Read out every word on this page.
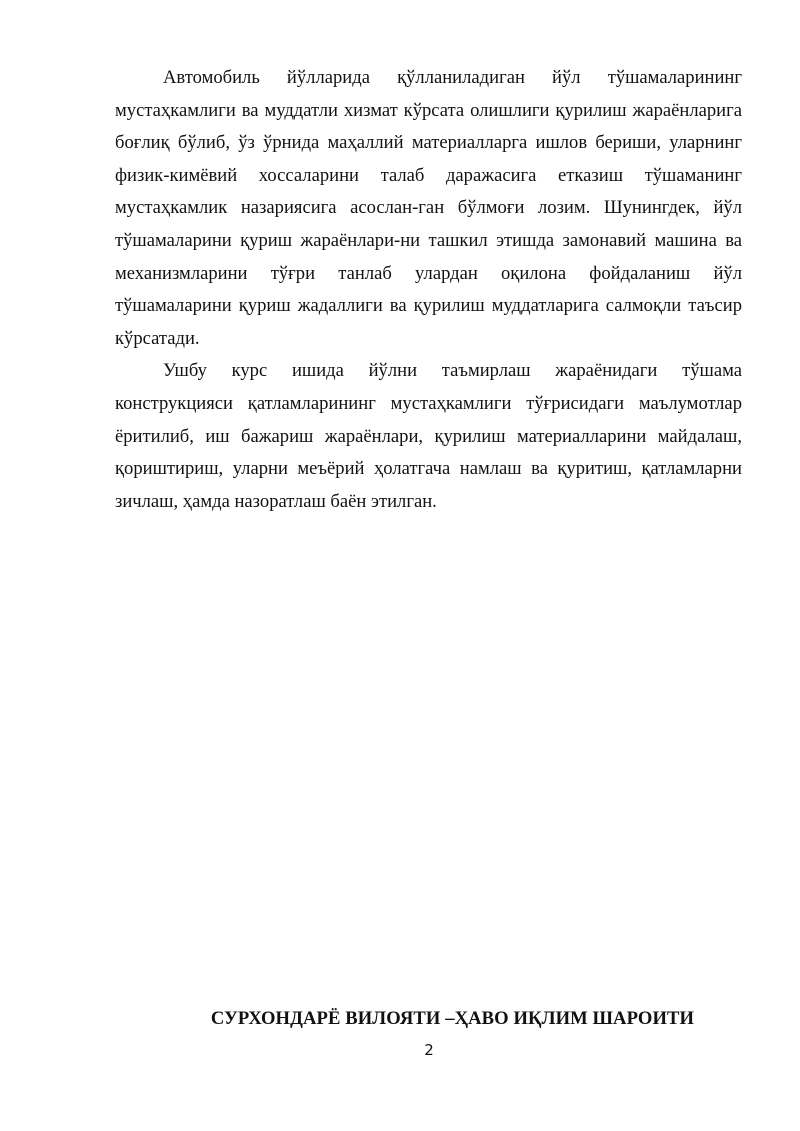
Автомобиль йўлларида қўлланиладиган йўл тўшамаларининг мустаҳкамлиги ва муддатли хизмат кўрсата олишлиги қурилиш жараёнларига боғлиқ бўлиб, ўз ўрнида маҳаллий материалларга ишлов бериши, уларнинг физик-кимёвий хоссаларини талаб даражасига етказиш тўшаманинг мустаҳкамлик назариясига асослан-ган бўлмоғи лозим. Шунингдек, йўл тўшамаларини қуриш жараёнлари-ни ташкил этишда замонавий машина ва механизмларини тўғри танлаб улардан оқилона фойдаланиш йўл тўшамаларини қуриш жадаллиги ва қурилиш муддатларига салмоқли таъсир кўрсатади.

Ушбу курс ишида йўлни таъмирлаш жараёнидаги тўшама конструкцияси қатламларининг мустаҳкамлиги тўғрисидаги маълумотлар ёритилиб, иш бажариш жараёнлари, қурилиш материалларини майдалаш, қориштириш, уларни меъёрий ҳолатгача намлаш ва қуритиш, қатламларни зичлаш, ҳамда назоратлаш баён этилган.

СУРХОНДАРЁ ВИЛОЯТИ –ҲАВО ИҚЛИМ ШАРОИТИ
2
